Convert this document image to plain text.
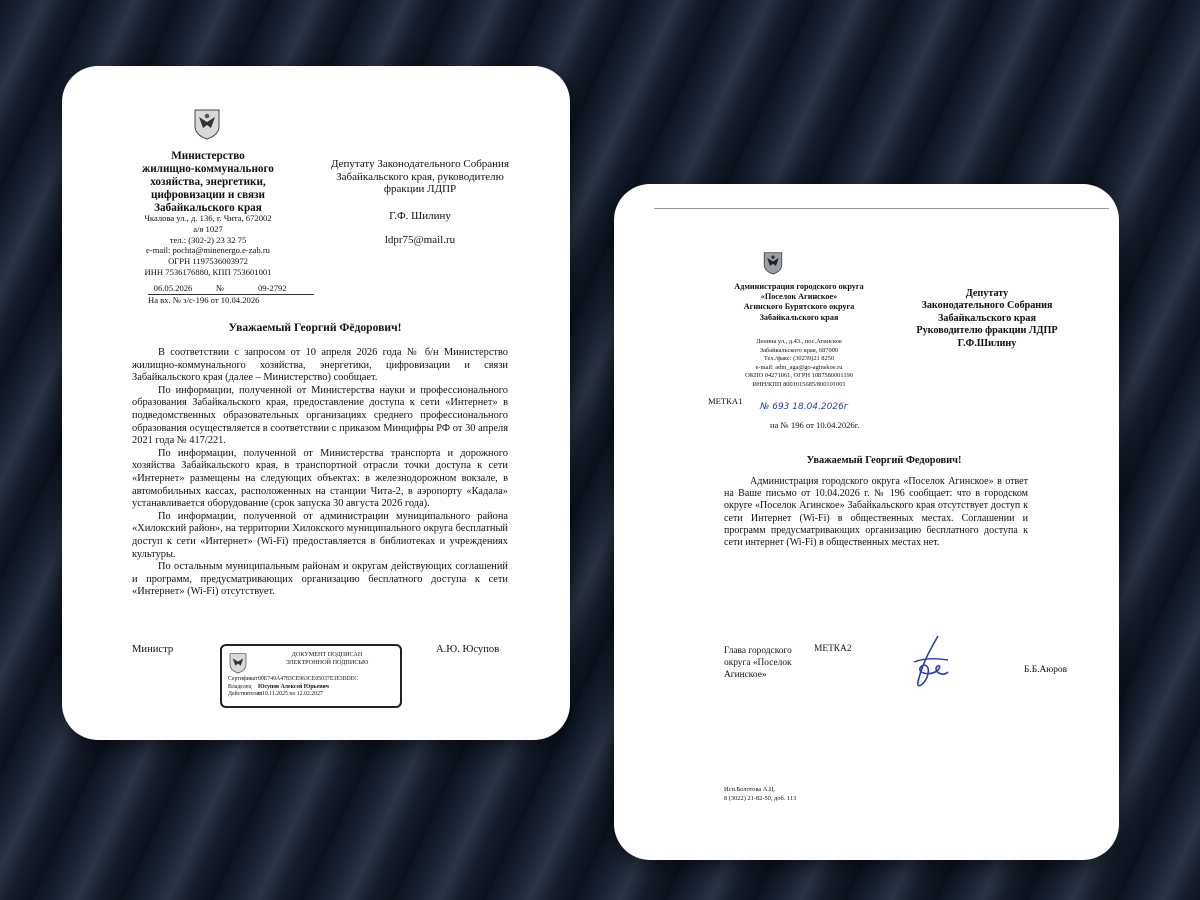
Министерство
жилищно-коммунального
хозяйства, энергетики,
цифровизации и связи
Забайкальского края
Чкалова ул., д. 136, г. Чита, 672002
а/я 1027
тел.: (302-2) 23 32 75
e-mail: pochta@minenergo.e-zab.ru
ОГРН 1197536003972
ИНН 7536176880, КПП 753601001
Депутату Законодательного Собрания
Забайкальского края, руководителю
фракции ЛДПР
Г.Ф. Шилину
ldpr75@mail.ru
06.05.2026	№	09-2792
На вх. № з/с-196 от 10.04.2026
Уважаемый Георгий Фёдорович!

В соответствии с запросом от 10 апреля 2026 года № б/н Министерство жилищно-коммунального хозяйства, энергетики, цифровизации и связи Забайкальского края (далее – Министерство) сообщает.

По информации, полученной от Министерства науки и профессионального образования Забайкальского края, предоставление доступа к сети «Интернет» в подведомственных образовательных организациях среднего профессионального образования осуществляется в соответствии с приказом Минцифры РФ от 30 апреля 2021 года № 417/221.

По информации, полученной от Министерства транспорта и дорожного хозяйства Забайкальского края, в транспортной отрасли точки доступа к сети «Интернет» размещены на следующих объектах: в железнодорожном вокзале, в автомобильных кассах, расположенных на станции Чита-2, в аэропорту «Кадала» устанавливается оборудование (срок запуска 30 августа 2026 года).

По информации, полученной от администрации муниципального района «Хилокский район», на территории Хилокского муниципального округа бесплатный доступ к сети «Интернет» (Wi-Fi) предоставляется в библиотеках и учреждениях культуры.

По остальным муниципальным районам и округам действующих соглашений и программ, предусматривающих организацию бесплатного доступа к сети «Интернет» (Wi-Fi) отсутствует.

Министр	А.Ю. Юсупов
ДОКУМЕНТ ПОДПИСАН
ЭЛЕКТРОННОЙ ПОДПИСЬЮ
Сертификат00E749A4783CE963CE05037E3E3BDEC
Владелец Юсупов Алексей Юрьевич
Действителенс 19.11.2025 по 12.02.2027
Администрация городского округа
«Поселок Агинское»
Агинского Бурятского округа
Забайкальского края
Ленина ул., д.43., пос.Агинское
Забайкальского края, 687000
Тел./факс: (30239)21 8250
e-mail: adm_aga@go-aginskoe.ru
ОКПО 04271061, ОГРН 1087580001190
ИНН/КПП 8001015685/800101001
МЕТКА1
№ 693 18.04.2026г
на № 196 от 10.04.2026г.
Депутату
Законодательного Собрания
Забайкальского края
Руководителю фракции ЛДПР
Г.Ф.Шилину
Уважаемый Георгий Федорович!

Администрация городского округа «Поселок Агинское» в ответ на Ваше письмо от 10.04.2026 г. № 196 сообщает: что в городском округе «Поселок Агинское» Забайкальского края отсутствует доступ к сети Интернет (Wi-Fi) в общественных местах. Соглашении и программ предусматривающих организацию бесплатного доступа к сети интернет (Wi-Fi) в общественных местах нет.

Глава городского
округа «Поселок
Агинское»
МЕТКА2
Б.Б.Аюров
Исп.Болотова А.Ц.
8 (3022) 21-82-50, доб. 113
